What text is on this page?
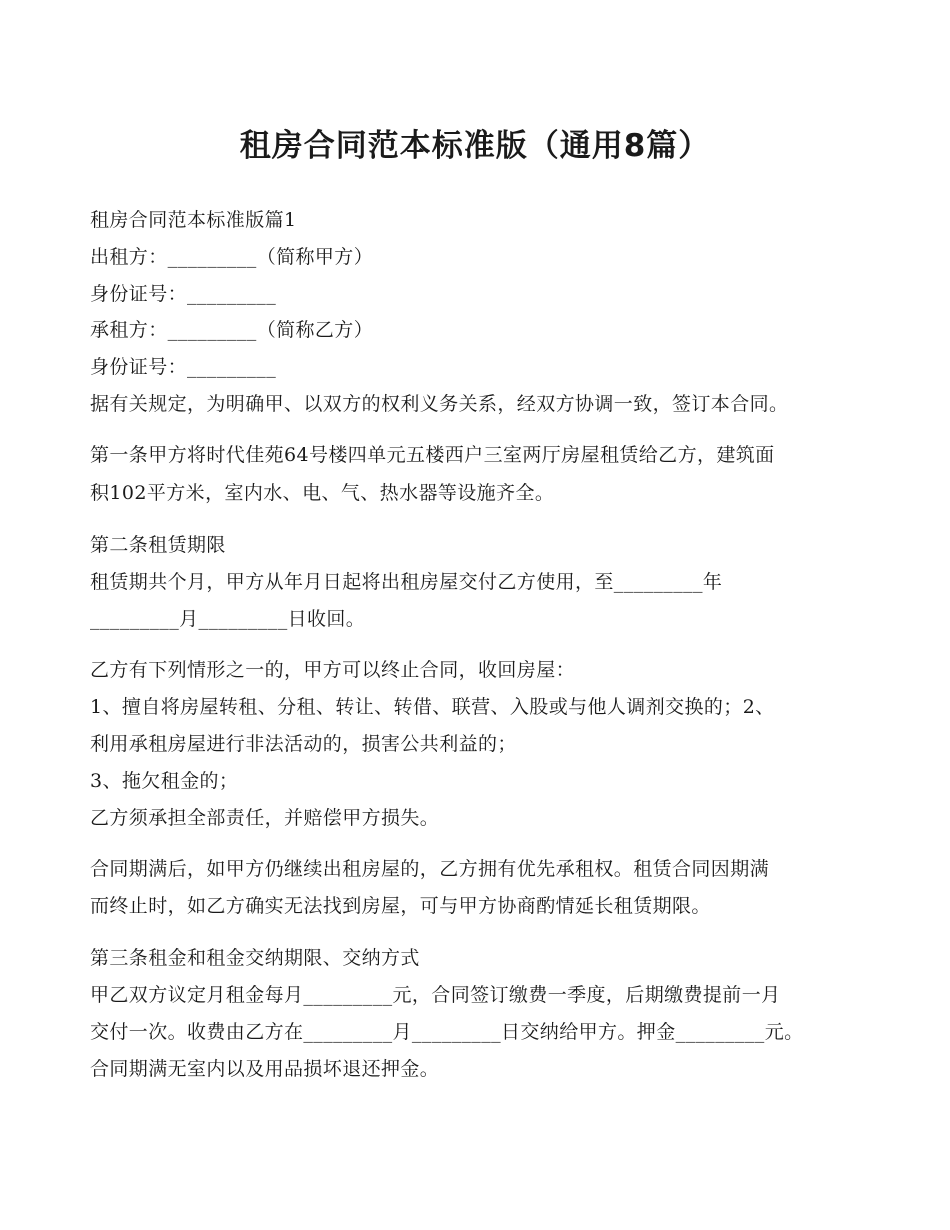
租房合同范本标准版（通用8篇）

租房合同范本标准版篇1

出租方：_________（简称甲方）

身份证号：_________

承租方：_________（简称乙方）

身份证号：_________

据有关规定，为明确甲、以双方的权利义务关系，经双方协调一致，签订本合同。

第一条甲方将时代佳苑64号楼四单元五楼西户三室两厅房屋租赁给乙方，建筑面

积102平方米，室内水、电、气、热水器等设施齐全。

第二条租赁期限

租赁期共个月，甲方从年月日起将出租房屋交付乙方使用，至_________年

_________月_________日收回。

乙方有下列情形之一的，甲方可以终止合同，收回房屋：

1、擅自将房屋转租、分租、转让、转借、联营、入股或与他人调剂交换的；2、

利用承租房屋进行非法活动的，损害公共利益的；

3、拖欠租金的；

乙方须承担全部责任，并赔偿甲方损失。

合同期满后，如甲方仍继续出租房屋的，乙方拥有优先承租权。租赁合同因期满

而终止时，如乙方确实无法找到房屋，可与甲方协商酌情延长租赁期限。

第三条租金和租金交纳期限、交纳方式

甲乙双方议定月租金每月_________元，合同签订缴费一季度，后期缴费提前一月

交付一次。收费由乙方在_________月_________日交纳给甲方。押金_________元。

合同期满无室内以及用品损坏退还押金。
